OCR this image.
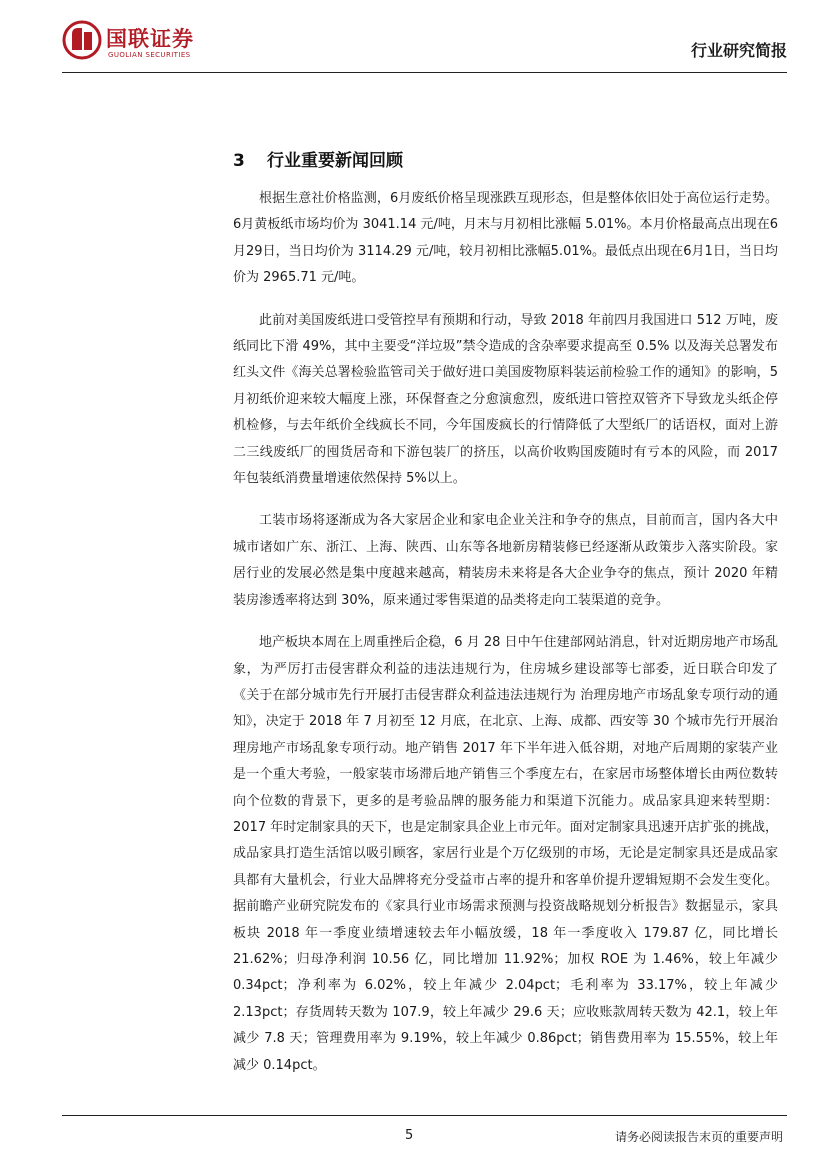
国联证券
GUOLIAN SECURITIES	行业研究简报
3 行业重要新闻回顾

根据生意社价格监测，6月废纸价格呈现涨跌互现形态，但是整体依旧处于高位运行走势。6月黄板纸市场均价为 3041.14 元/吨，月末与月初相比涨幅 5.01%。本月价格最高点出现在6月29日，当日均价为 3114.29 元/吨，较月初相比涨幅5.01%。最低点出现在6月1日，当日均价为 2965.71 元/吨。

此前对美国废纸进口受管控早有预期和行动，导致 2018 年前四月我国进口 512 万吨，废纸同比下滑 49%，其中主要受“洋垃圾”禁令造成的含杂率要求提高至 0.5% 以及海关总署发布红头文件《海关总署检验监管司关于做好进口美国废物原料装运前检验工作的通知》的影响，5 月初纸价迎来较大幅度上涨，环保督查之分愈演愈烈，废纸进口管控双管齐下导致龙头纸企停机检修，与去年纸价全线疯长不同，今年国废疯长的行情降低了大型纸厂的话语权，面对上游二三线废纸厂的囤货居奇和下游包装厂的挤压，以高价收购国废随时有亏本的风险，而 2017 年包装纸消费量增速依然保持 5%以上。

工装市场将逐渐成为各大家居企业和家电企业关注和争夺的焦点，目前而言，国内各大中城市诸如广东、浙江、上海、陕西、山东等各地新房精装修已经逐渐从政策步入落实阶段。家居行业的发展必然是集中度越来越高，精装房未来将是各大企业争夺的焦点，预计 2020 年精装房渗透率将达到 30%，原来通过零售渠道的品类将走向工装渠道的竞争。

地产板块本周在上周重挫后企稳，6 月 28 日中午住建部网站消息，针对近期房地产市场乱象，为严厉打击侵害群众利益的违法违规行为，住房城乡建设部等七部委，近日联合印发了《关于在部分城市先行开展打击侵害群众利益违法违规行为 治理房地产市场乱象专项行动的通知》，决定于 2018 年 7 月初至 12 月底，在北京、上海、成都、西安等 30 个城市先行开展治理房地产市场乱象专项行动。地产销售 2017 年下半年进入低谷期，对地产后周期的家装产业是一个重大考验，一般家装市场滞后地产销售三个季度左右，在家居市场整体增长由两位数转向个位数的背景下，更多的是考验品牌的服务能力和渠道下沉能力。成品家具迎来转型期：2017 年时定制家具的天下，也是定制家具企业上市元年。面对定制家具迅速开店扩张的挑战，成品家具打造生活馆以吸引顾客，家居行业是个万亿级别的市场，无论是定制家具还是成品家具都有大量机会，行业大品牌将充分受益市占率的提升和客单价提升逻辑短期不会发生变化。据前瞻产业研究院发布的《家具行业市场需求预测与投资战略规划分析报告》数据显示，家具板块 2018 年一季度业绩增速较去年小幅放缓，18 年一季度收入 179.87 亿，同比增长 21.62%；归母净利润 10.56 亿，同比增加 11.92%；加权 ROE 为 1.46%，较上年减少 0.34pct；净利率为 6.02%，较上年减少 2.04pct；毛利率为 33.17%，较上年减少 2.13pct；存货周转天数为 107.9，较上年减少 29.6 天；应收账款周转天数为 42.1，较上年减少 7.8 天；管理费用率为 9.19%，较上年减少 0.86pct；销售费用率为 15.55%，较上年减少 0.14pct。

5	请务必阅读报告末页的重要声明
